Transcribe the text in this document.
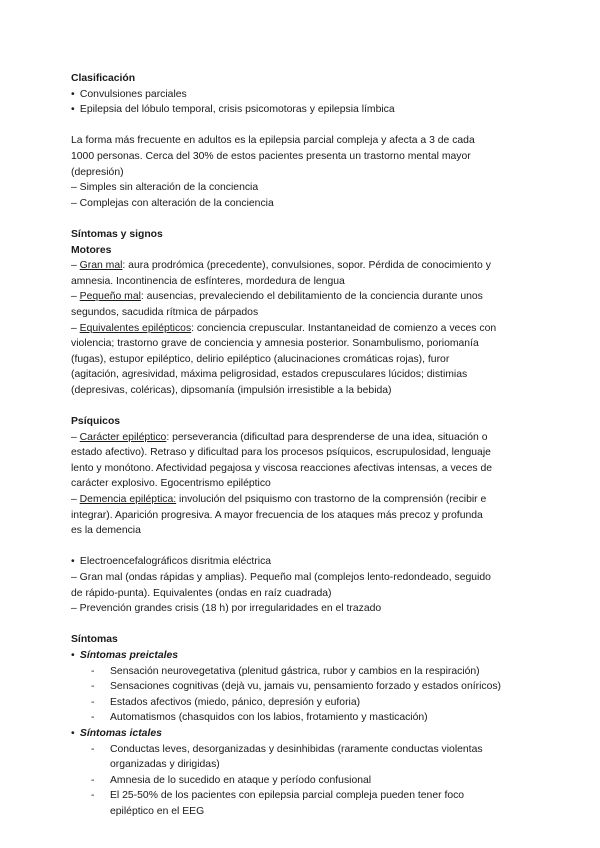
Clasificación
• Convulsiones parciales
• Epilepsia del lóbulo temporal, crisis psicomotoras y epilepsia límbica
La forma más frecuente en adultos es la epilepsia parcial compleja y afecta a 3 de cada
1000 personas. Cerca del 30% de estos pacientes presenta un trastorno mental mayor
(depresión)
– Simples sin alteración de la conciencia
– Complejas con alteración de la conciencia
Síntomas y signos
Motores
– Gran mal: aura prodrómica (precedente), convulsiones, sopor. Pérdida de conocimiento y
amnesia. Incontinencia de esfínteres, mordedura de lengua
– Pequeño mal: ausencias, prevaleciendo el debilitamiento de la conciencia durante unos
segundos, sacudida rítmica de párpados
– Equivalentes epilépticos: conciencia crepuscular. Instantaneidad de comienzo a veces con
violencia; trastorno grave de conciencia y amnesia posterior. Sonambulismo, poriomanía
(fugas), estupor epiléptico, delirio epiléptico (alucinaciones cromáticas rojas), furor
(agitación, agresividad, máxima peligrosidad, estados crepusculares lúcidos; distimias
(depresivas, coléricas), dipsomanía (impulsión irresistible a la bebida)
Psíquicos
– Carácter epiléptico: perseverancia (dificultad para desprenderse de una idea, situación o
estado afectivo). Retraso y dificultad para los procesos psíquicos, escrupulosidad, lenguaje
lento y monótono. Afectividad pegajosa y viscosa reacciones afectivas intensas, a veces de
carácter explosivo. Egocentrismo epiléptico
– Demencia epiléptica: involución del psiquismo con trastorno de la comprensión (recibir e
integrar). Aparición progresiva. A mayor frecuencia de los ataques más precoz y profunda
es la demencia
• Electroencefalográficos disritmia eléctrica
– Gran mal (ondas rápidas y amplias). Pequeño mal (complejos lento-redondeado, seguido
de rápido-punta). Equivalentes (ondas en raíz cuadrada)
– Prevención grandes crisis (18 h) por irregularidades en el trazado
Síntomas
• Síntomas preictales
- Sensación neurovegetativa (plenitud gástrica, rubor y cambios en la respiración)
- Sensaciones cognitivas (dejà vu, jamais vu, pensamiento forzado y estados oníricos)
- Estados afectivos (miedo, pánico, depresión y euforia)
- Automatismos (chasquidos con los labios, frotamiento y masticación)
• Síntomas ictales
- Conductas leves, desorganizadas y desinhibidas (raramente conductas violentas
organizadas y dirigidas)
- Amnesia de lo sucedido en ataque y período confusional
- El 25-50% de los pacientes con epilepsia parcial compleja pueden tener foco
epiléptico en el EEG
